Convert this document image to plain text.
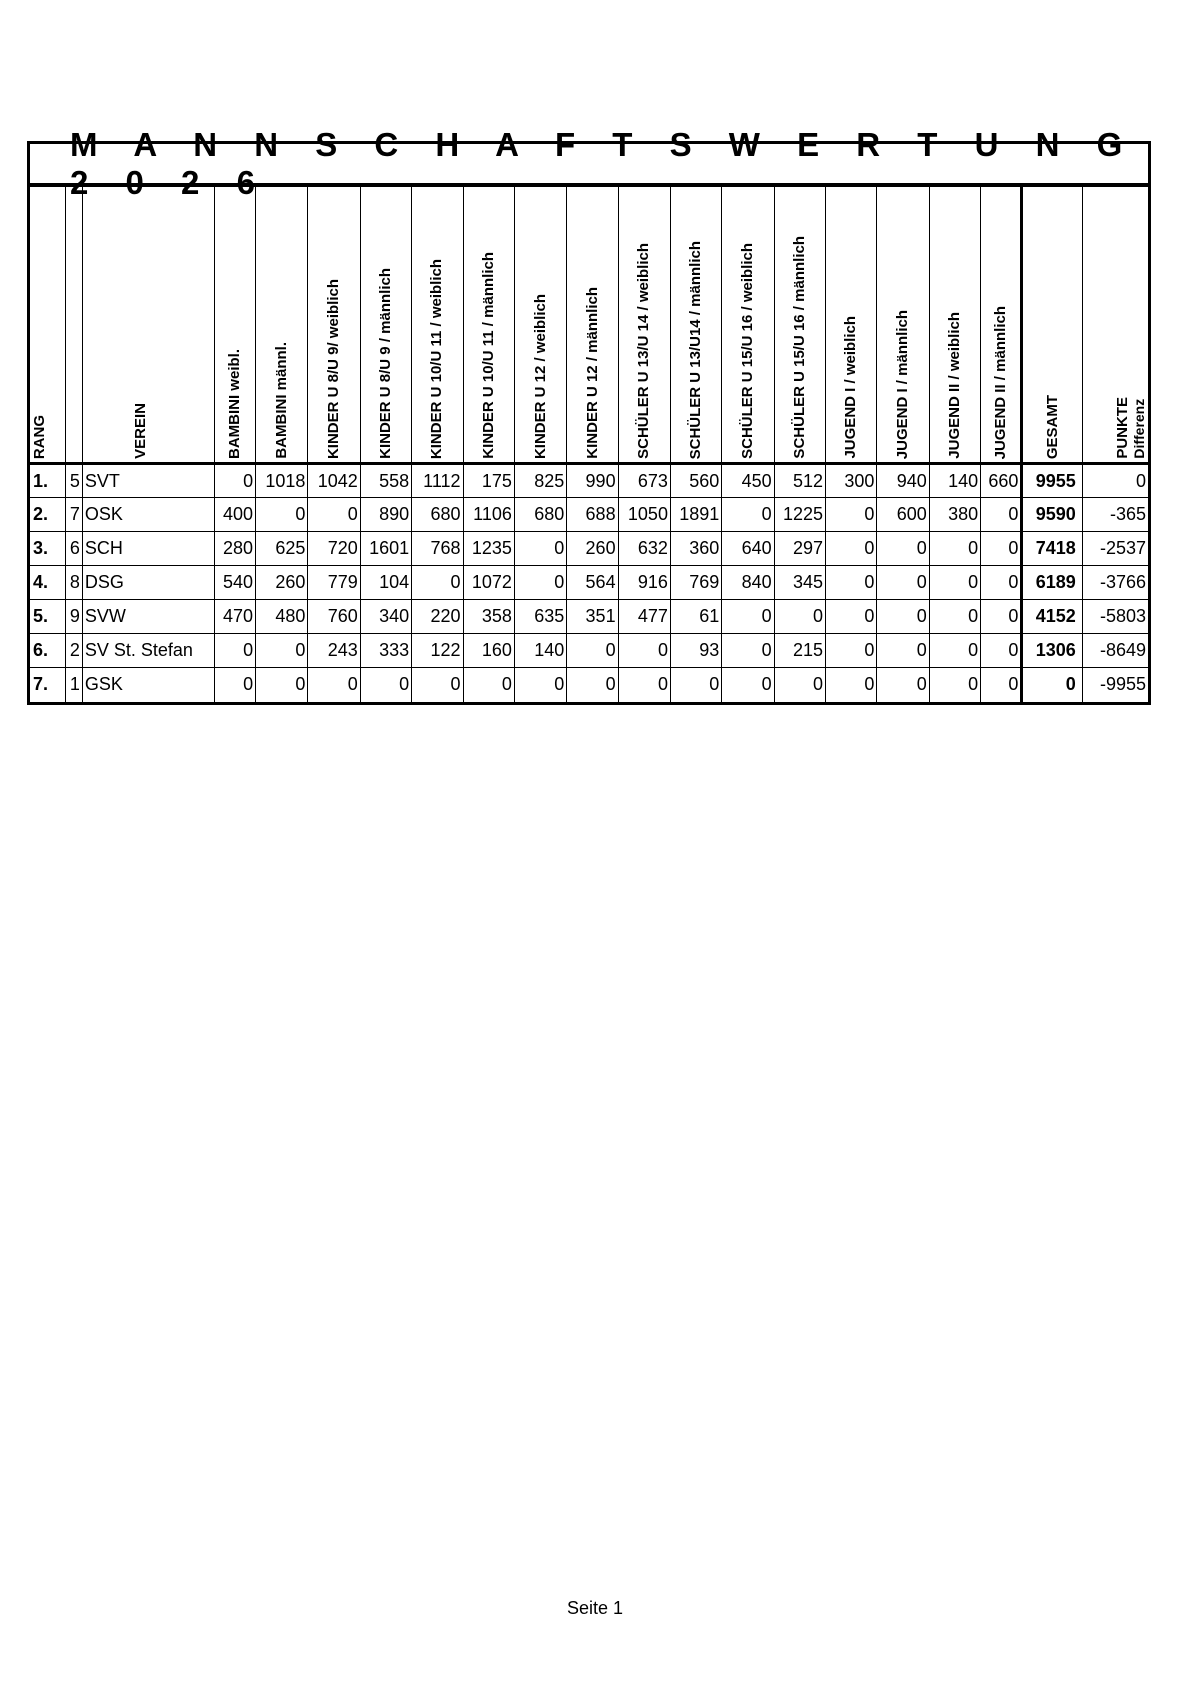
M A N N S C H A F T S W E R T U N G 2 0 2 6
RANG		VEREIN	BAMBINI weibl.	BAMBINI männl.	KINDER U 8/U 9/ weiblich	KINDER U 8/U 9 / männlich	KINDER U 10/U 11 / weiblich	KINDER U 10/U 11 / männlich	KINDER U 12 / weiblich	KINDER U 12 / männlich	SCHÜLER U 13/U 14 / weiblich	SCHÜLER U 13/U14 / männlich	SCHÜLER U 15/U 16 / weiblich	SCHÜLER U 15/U 16 / männlich	JUGEND I / weiblich	JUGEND I / männlich	JUGEND II / weiblich	JUGEND II / männlich	GESAMT	PUNKTE
Differenz

1.	5	SVT	0	1018	1042	558	1112	175	825	990	673	560	450	512	300	940	140	660	9955	0
2.	7	OSK	400	0	0	890	680	1106	680	688	1050	1891	0	1225	0	600	380	0	9590	-365
3.	6	SCH	280	625	720	1601	768	1235	0	260	632	360	640	297	0	0	0	0	7418	-2537
4.	8	DSG	540	260	779	104	0	1072	0	564	916	769	840	345	0	0	0	0	6189	-3766
5.	9	SVW	470	480	760	340	220	358	635	351	477	61	0	0	0	0	0	0	4152	-5803
6.	2	SV St. Stefan	0	0	243	333	122	160	140	0	0	93	0	215	0	0	0	0	1306	-8649
7.	1	GSK	0	0	0	0	0	0	0	0	0	0	0	0	0	0	0	0	0	-9955
Seite 1
